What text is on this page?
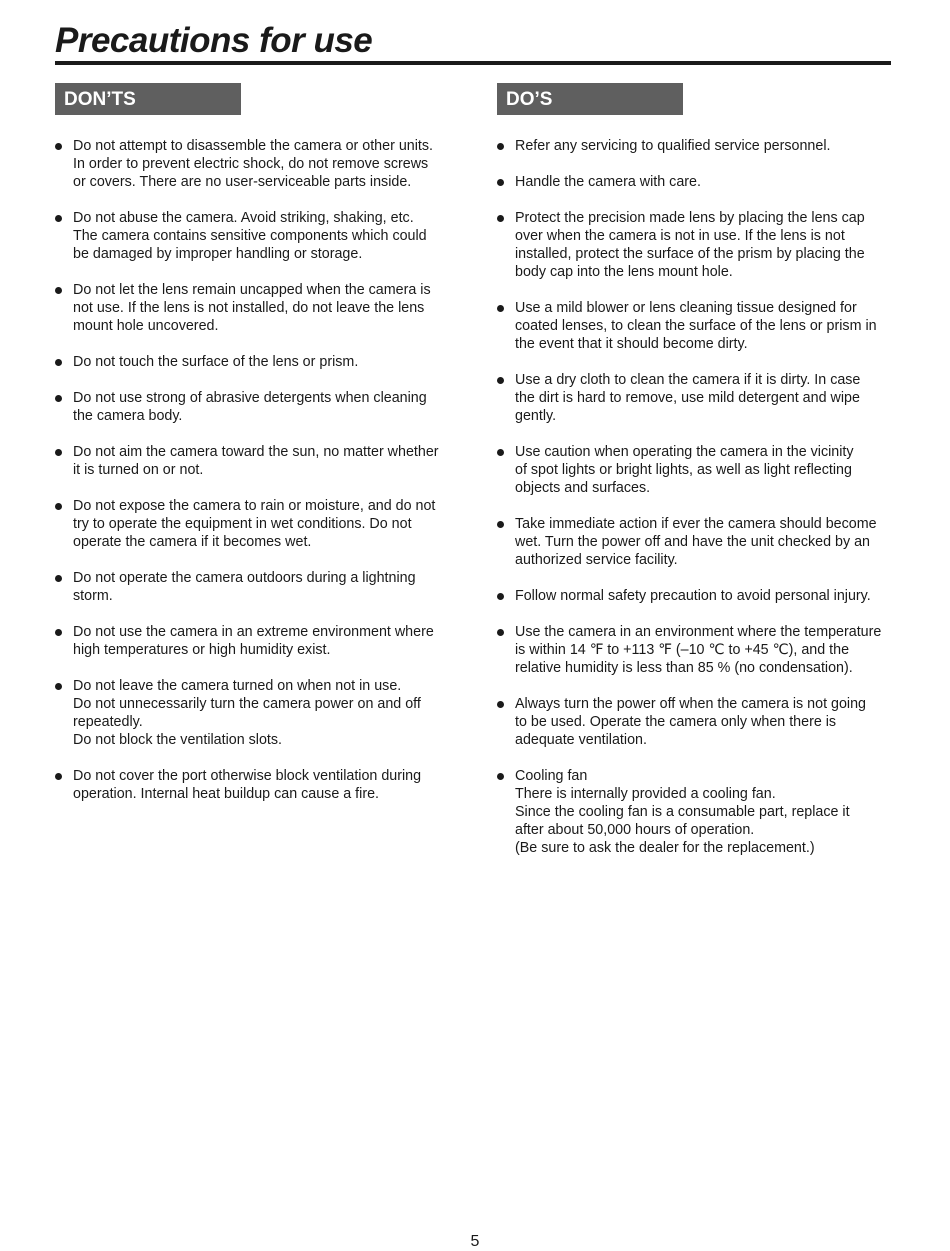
Precautions for use
DON’TS
Do not attempt to disassemble the camera or other units.
In order to prevent electric shock, do not remove screws
or covers. There are no user-serviceable parts inside.
Do not abuse the camera. Avoid striking, shaking, etc.
The camera contains sensitive components which could
be damaged by improper handling or storage.
Do not let the lens remain uncapped when the camera is
not use. If the lens is not installed, do not leave the lens
mount hole uncovered.
Do not touch the surface of the lens or prism.
Do not use strong of abrasive detergents when cleaning
the camera body.
Do not aim the camera toward the sun, no matter whether
it is turned on or not.
Do not expose the camera to rain or moisture, and do not
try to operate the equipment in wet conditions. Do not
operate the camera if it becomes wet.
Do not operate the camera outdoors during a lightning
storm.
Do not use the camera in an extreme environment where
high temperatures or high humidity exist.
Do not leave the camera turned on when not in use.
Do not unnecessarily turn the camera power on and off
repeatedly.
Do not block the ventilation slots.
Do not cover the port otherwise block ventilation during
operation. Internal heat buildup can cause a fire.
DO’S
Refer any servicing to qualified service personnel.
Handle the camera with care.
Protect the precision made lens by placing the lens cap
over when the camera is not in use. If the lens is not
installed, protect the surface of the prism by placing the
body cap into the lens mount hole.
Use a mild blower or lens cleaning tissue designed for
coated lenses, to clean the surface of the lens or prism in
the event that it should become dirty.
Use a dry cloth to clean the camera if it is dirty. In case
the dirt is hard to remove, use mild detergent and wipe
gently.
Use caution when operating the camera in the vicinity
of spot lights or bright lights, as well as light reflecting
objects and surfaces.
Take immediate action if ever the camera should become
wet. Turn the power off and have the unit checked by an
authorized service facility.
Follow normal safety precaution to avoid personal injury.
Use the camera in an environment where the temperature
is within 14 ℉ to +113 ℉ (–10 ℃ to +45 ℃), and the
relative humidity is less than 85 % (no condensation).
Always turn the power off when the camera is not going
to be used. Operate the camera only when there is
adequate ventilation.
Cooling fan
There is internally provided a cooling fan.
Since the cooling fan is a consumable part, replace it
after about 50,000 hours of operation.
(Be sure to ask the dealer for the replacement.)
5
